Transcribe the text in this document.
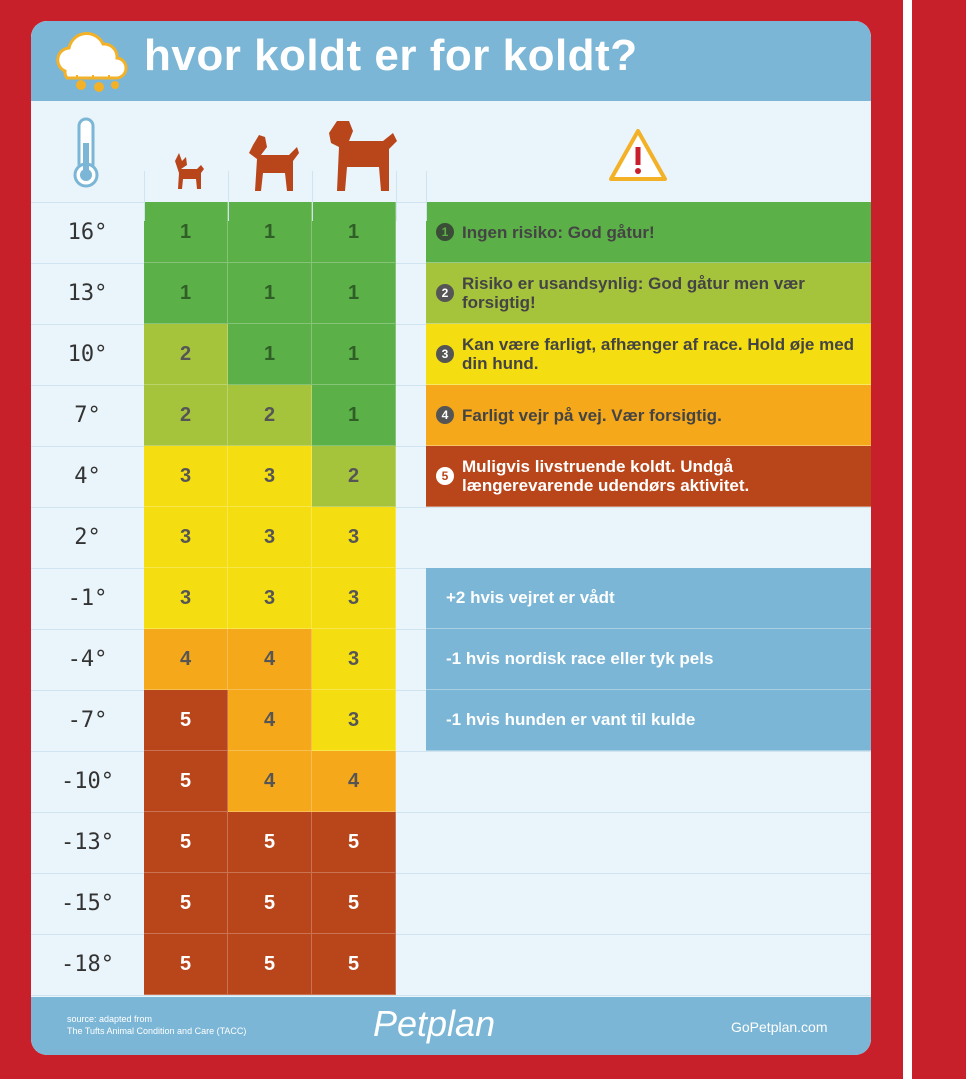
hvor koldt er for koldt?
16°	1	1	1
13°	1	1	1
10°	2	1	1
7°	2	2	1
4°	3	3	2
2°	3	3	3
-1°	3	3	3
-4°	4	4	3
-7°	5	4	3
-10°	5	4	4
-13°	5	5	5
-15°	5	5	5
-18°	5	5	5
1 Ingen risiko: God gåtur!
2 Risiko er usandsynlig: God gåtur men vær forsigtig!
3 Kan være farligt, afhænger af race. Hold øje med din hund.
4 Farligt vejr på vej. Vær forsigtig.
5 Muligvis livstruende koldt. Undgå længerevarende udendørs aktivitet.
+2 hvis vejret er vådt
-1 hvis nordisk race eller tyk pels
-1 hvis hunden er vant til kulde
source: adapted from
The Tufts Animal Condition and Care (TACC)	Petplan	GoPetplan.com
